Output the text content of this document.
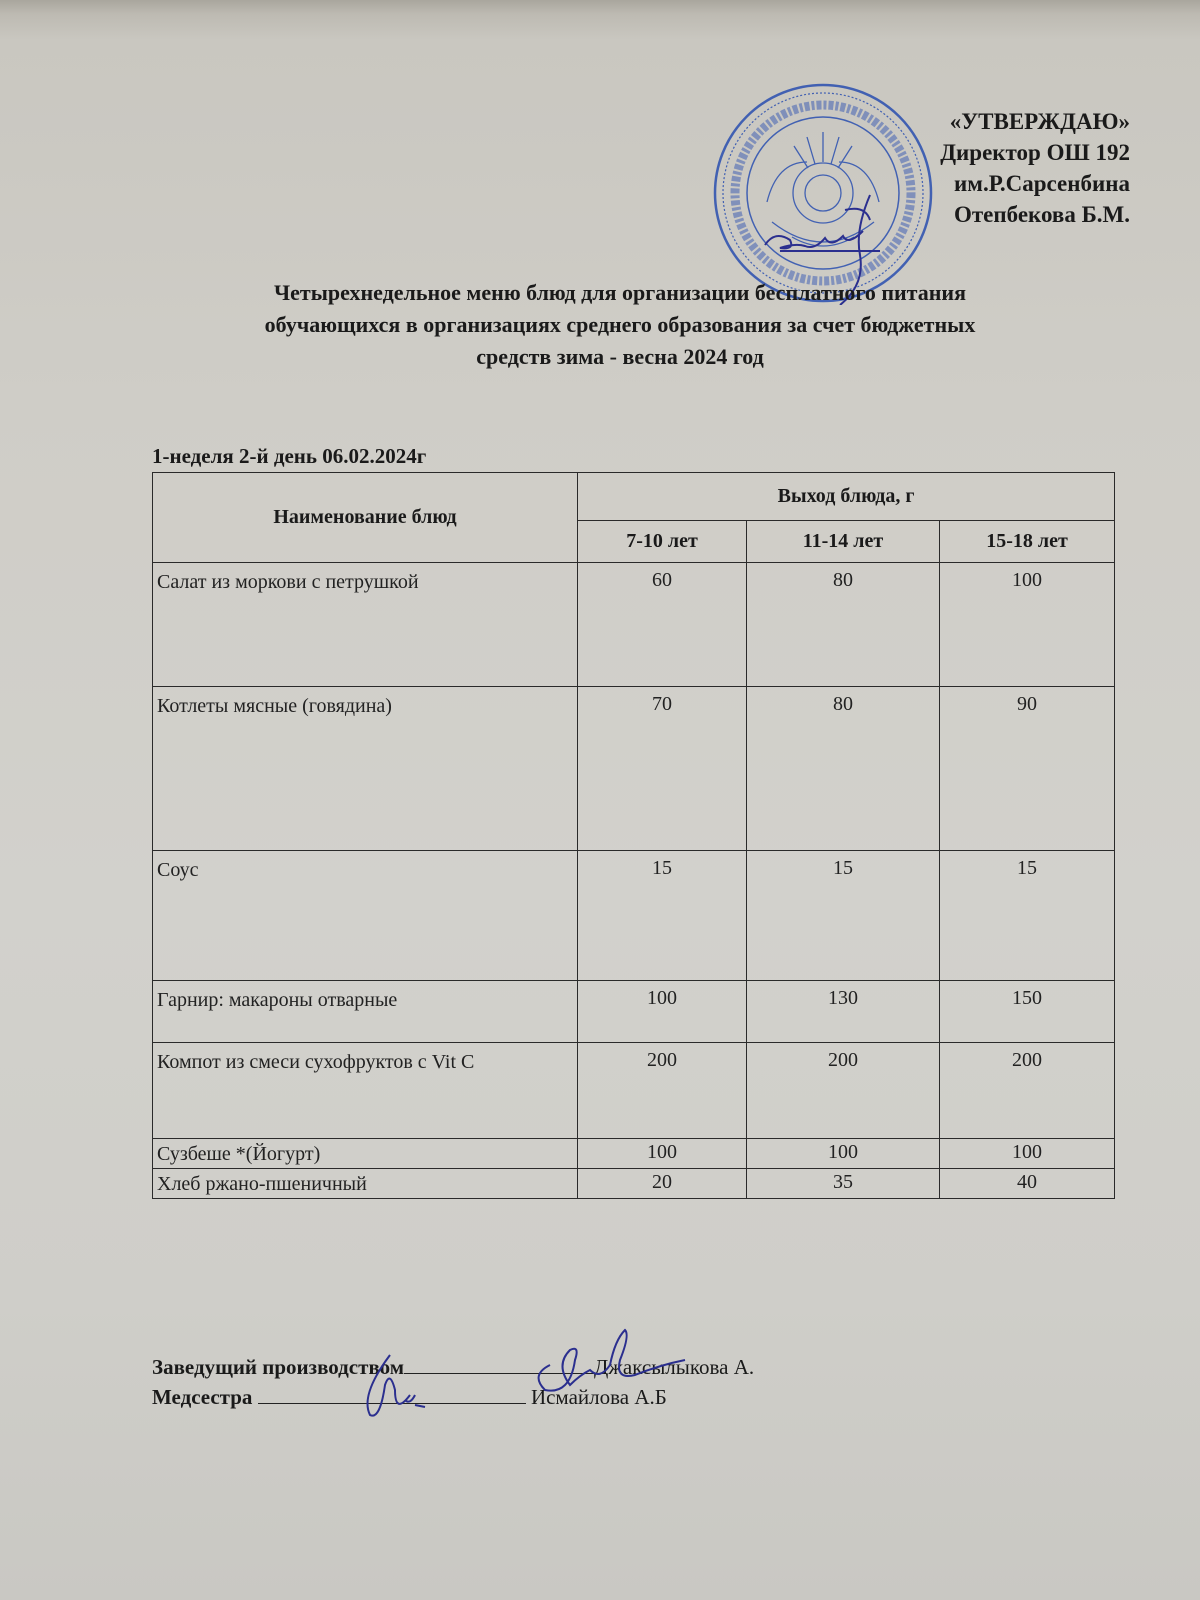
«УТВЕРЖДАЮ»
Директор ОШ 192
им.Р.Сарсенбина
Отепбекова Б.М.
Четырехнедельное меню блюд для организации бесплатного питания
обучающихся в организациях среднего образования за счет бюджетных
средств зима - весна 2024 год
1-неделя 2-й день 06.02.2024г
Наименование блюд	Выход блюда, г		
	7-10 лет	11-14 лет	15-18 лет
Салат из моркови с петрушкой	60	80	100
Котлеты мясные (говядина)	70	80	90
Соус	15	15	15
Гарнир: макароны отварные	100	130	150
Компот из смеси сухофруктов с Vit C	200	200	200
Сузбеше *(Йогурт)	100	100	100
Хлеб ржано-пшеничный	20	35	40
Заведущий производством	Джаксылыкова А.
Медсестра	Исмайлова А.Б
